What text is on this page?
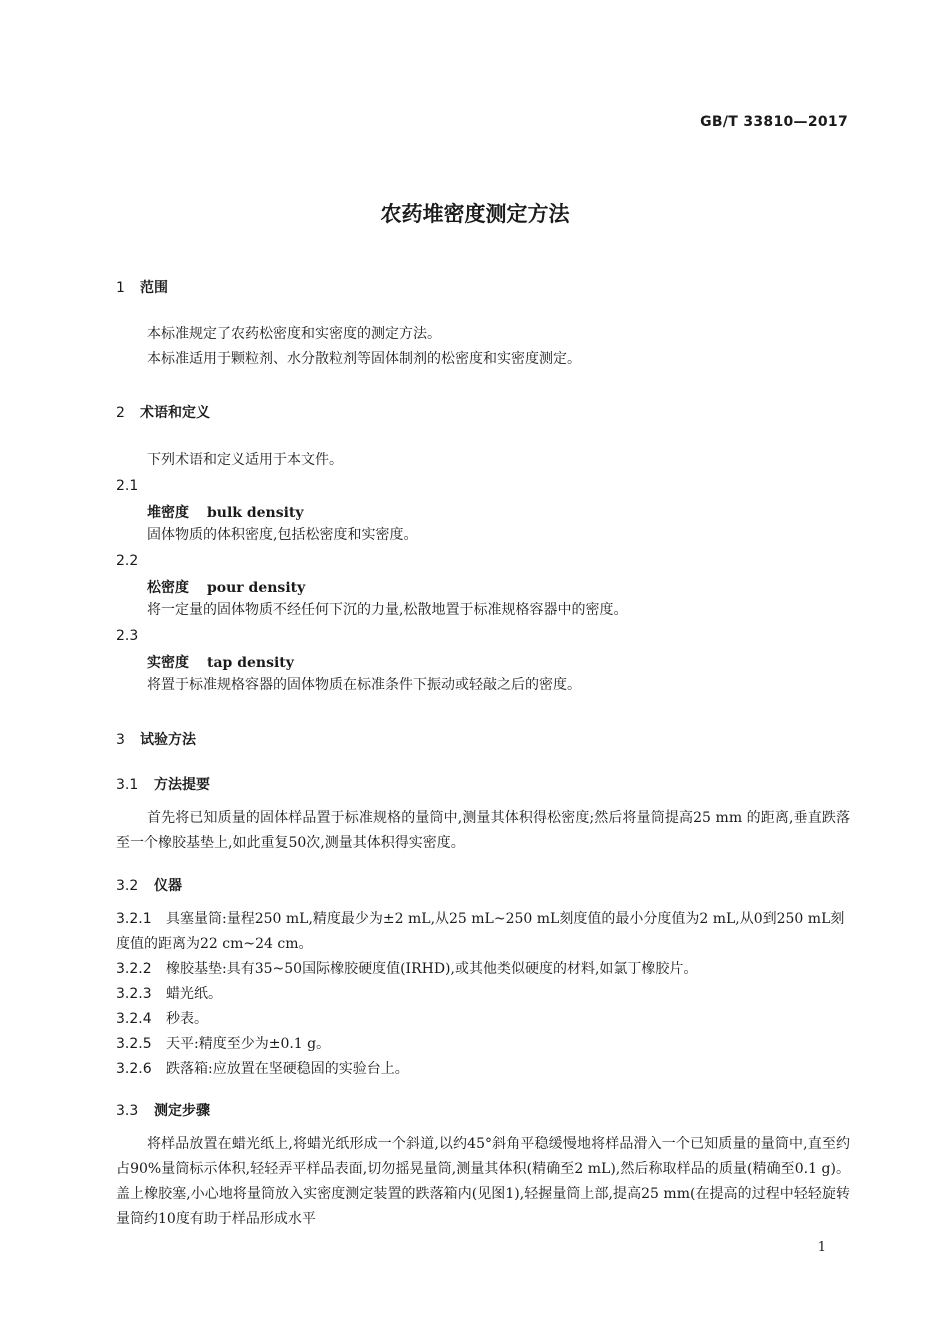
GB/T 33810—2017
农药堆密度测定方法
1 范围
本标准规定了农药松密度和实密度的测定方法。
本标准适用于颗粒剂、水分散粒剂等固体制剂的松密度和实密度测定。
2 术语和定义
下列术语和定义适用于本文件。
2.1
堆密度 bulk density
固体物质的体积密度,包括松密度和实密度。
2.2
松密度 pour density
将一定量的固体物质不经任何下沉的力量,松散地置于标准规格容器中的密度。
2.3
实密度 tap density
将置于标准规格容器的固体物质在标准条件下振动或轻敲之后的密度。
3 试验方法
3.1 方法提要
首先将已知质量的固体样品置于标准规格的量筒中,测量其体积得松密度;然后将量筒提高25 mm 的距离,垂直跌落至一个橡胶基垫上,如此重复50次,测量其体积得实密度。
3.2 仪器
3.2.1 具塞量筒:量程250 mL,精度最少为±2 mL,从25 mL~250 mL刻度值的最小分度值为2 mL,从0到250 mL刻度值的距离为22 cm~24 cm。
3.2.2 橡胶基垫:具有35~50国际橡胶硬度值(IRHD),或其他类似硬度的材料,如氯丁橡胶片。
3.2.3 蜡光纸。
3.2.4 秒表。
3.2.5 天平:精度至少为±0.1 g。
3.2.6 跌落箱:应放置在坚硬稳固的实验台上。
3.3 测定步骤
将样品放置在蜡光纸上,将蜡光纸形成一个斜道,以约45°斜角平稳缓慢地将样品滑入一个已知质量的量筒中,直至约占90%量筒标示体积,轻轻弄平样品表面,切勿摇晃量筒,测量其体积(精确至2 mL),然后称取样品的质量(精确至0.1 g)。盖上橡胶塞,小心地将量筒放入实密度测定装置的跌落箱内(见图1),轻握量筒上部,提高25 mm(在提高的过程中轻轻旋转量筒约10度有助于样品形成水平
1
